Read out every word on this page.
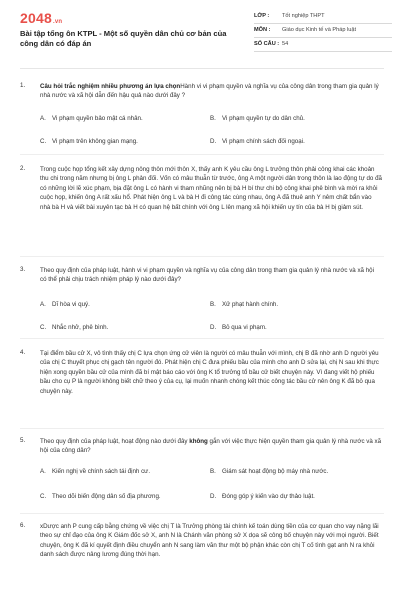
2048.vn
Bài tập tổng ôn KTPL - Một số quyền dân chủ cơ bản của công dân có đáp án
LỚP : Tốt nghiệp THPT
MÔN : Giáo dục Kinh tế và Pháp luật
SỐ CÂU : 54
1. Câu hỏi trắc nghiệm nhiều phương án lựa chọnHành vi vi phạm quyền và nghĩa vụ của công dân trong tham gia quản lý nhà nước và xã hội dẫn đến hậu quả nào dưới đây ?
A. Vi phạm quyền bảo mật cá nhân.	B. Vi phạm quyền tự do dân chủ.
C. Vi phạm trên không gian mạng.	D. Vi phạm chính sách đối ngoại.
2. Trong cuộc họp tổng kết xây dựng nông thôn mới thôn X, thấy anh K yêu cầu ông L trưởng thôn phải công khai các khoản thu chi trong năm nhưng bị ông L phản đối. Vốn có mâu thuẫn từ trước, ông A một người dân trong thôn là lao động tự do đã có những lời lẽ xúc phạm, bịa đặt ông L có hành vi tham nhũng nên bị bà H bí thư chi bộ công khai phê bình và mời ra khỏi cuộc họp, khiến ông A rất xấu hổ. Phát hiện ông L và bà H đi công tác cùng nhau, ông A đã thuê anh Y nêm chất bẩn vào nhà bà H và viết bài xuyên tạc bà H có quan hệ bất chính với ông L lên mạng xã hội khiến uy tín của bà H bị giảm sút.
3. Theo quy định của pháp luật, hành vi vi phạm quyền và nghĩa vụ của công dân trong tham gia quản lý nhà nước và xã hội có thể phải chịu trách nhiệm pháp lý nào dưới đây?
A. Dĩ hòa vi quý.	B. Xử phạt hành chính.
C. Nhắc nhở, phê bình.	D. Bỏ qua vi phạm.
4. Tại điểm bầu cử X, vô tình thấy chị C lựa chọn ứng cử viên là người có mâu thuẫn với mình, chị B đã nhờ anh D người yêu của chị C thuyết phục chị gạch tên người đó. Phát hiện chị C đưa phiếu bầu của mình cho anh D sửa lại, chị N sau khi thực hiện xong quyền bầu cử của mình đã bí mật báo cáo với ông K tổ trưởng tổ bầu cử biết chuyện này. Vì đang viết hộ phiếu bầu cho cụ P là người không biết chữ theo ý của cụ, lại muốn nhanh chóng kết thúc công tác bầu cử nên ông K đã bỏ qua chuyện này.
5. Theo quy định của pháp luật, hoạt động nào dưới đây không gắn với việc thực hiện quyền tham gia quản lý nhà nước và xã hội của công dân?
A. Kiến nghị về chính sách tái định cư.	B. Giám sát hoạt động bộ máy nhà nước.
C. Theo dõi biến động dân số địa phương.	D. Đóng góp ý kiến vào dự thảo luật.
6. xDược anh P cung cấp bằng chứng về việc chị T là Trưởng phòng tài chính kế toán dùng tiền của cơ quan cho vay nặng lãi theo sự chỉ đạo của ông K Giám đốc sở X, anh N là Chánh văn phòng sở X dọa sẽ công bố chuyện này với mọi người. Biết chuyện, ông K đã kí quyết định điều chuyển anh N sang làm văn thư một bộ phận khác còn chị T cố tình gạt anh N ra khỏi danh sách được nâng lương đúng thời hạn.
